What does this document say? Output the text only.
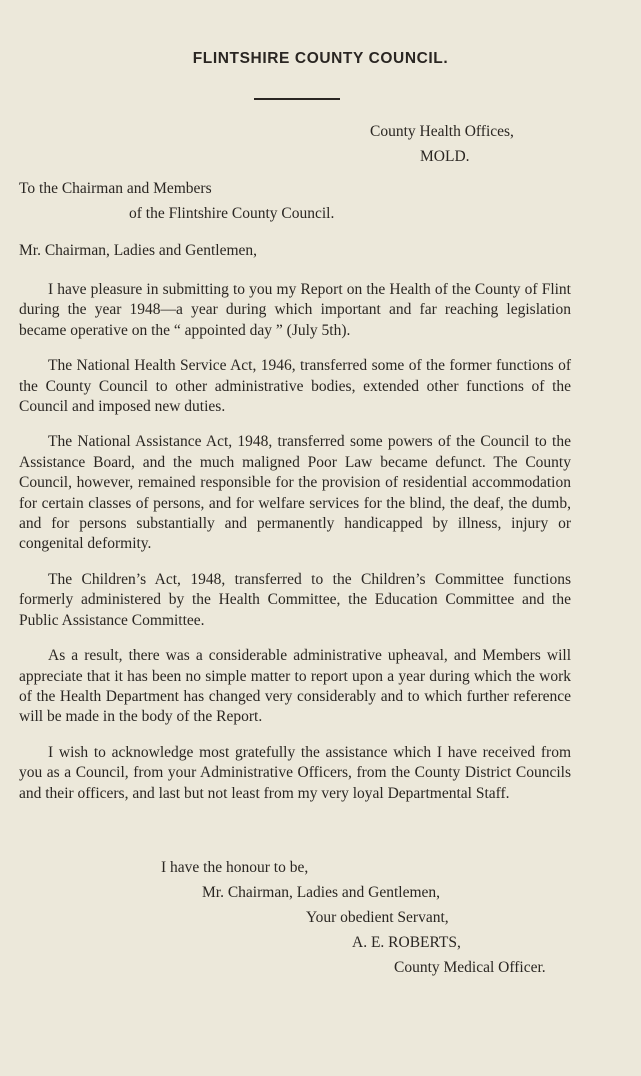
FLINTSHIRE COUNTY COUNCIL.
County Health Offices,
MOLD.
To the Chairman and Members
of the Flintshire County Council.
Mr. Chairman, Ladies and Gentlemen,

I have pleasure in submitting to you my Report on the Health of the County of Flint during the year 1948—a year during which important and far reaching legislation became operative on the “ appointed day ” (July 5th).

The National Health Service Act, 1946, transferred some of the former functions of the County Council to other administrative bodies, extended other functions of the Council and imposed new duties.

The National Assistance Act, 1948, transferred some powers of the Council to the Assistance Board, and the much maligned Poor Law became defunct. The County Council, however, remained responsible for the provision of residential accommodation for certain classes of persons, and for welfare services for the blind, the deaf, the dumb, and for persons substantially and permanently handicapped by illness, injury or congenital deformity.

The Children’s Act, 1948, transferred to the Children’s Committee functions formerly administered by the Health Committee, the Education Committee and the Public Assistance Committee.

As a result, there was a considerable administrative upheaval, and Members will appreciate that it has been no simple matter to report upon a year during which the work of the Health Department has changed very considerably and to which further reference will be made in the body of the Report.

I wish to acknowledge most gratefully the assistance which I have received from you as a Council, from your Administrative Officers, from the County District Councils and their officers, and last but not least from my very loyal Departmental Staff.

I have the honour to be,
Mr. Chairman, Ladies and Gentlemen,
Your obedient Servant,
A. E. ROBERTS,
County Medical Officer.
